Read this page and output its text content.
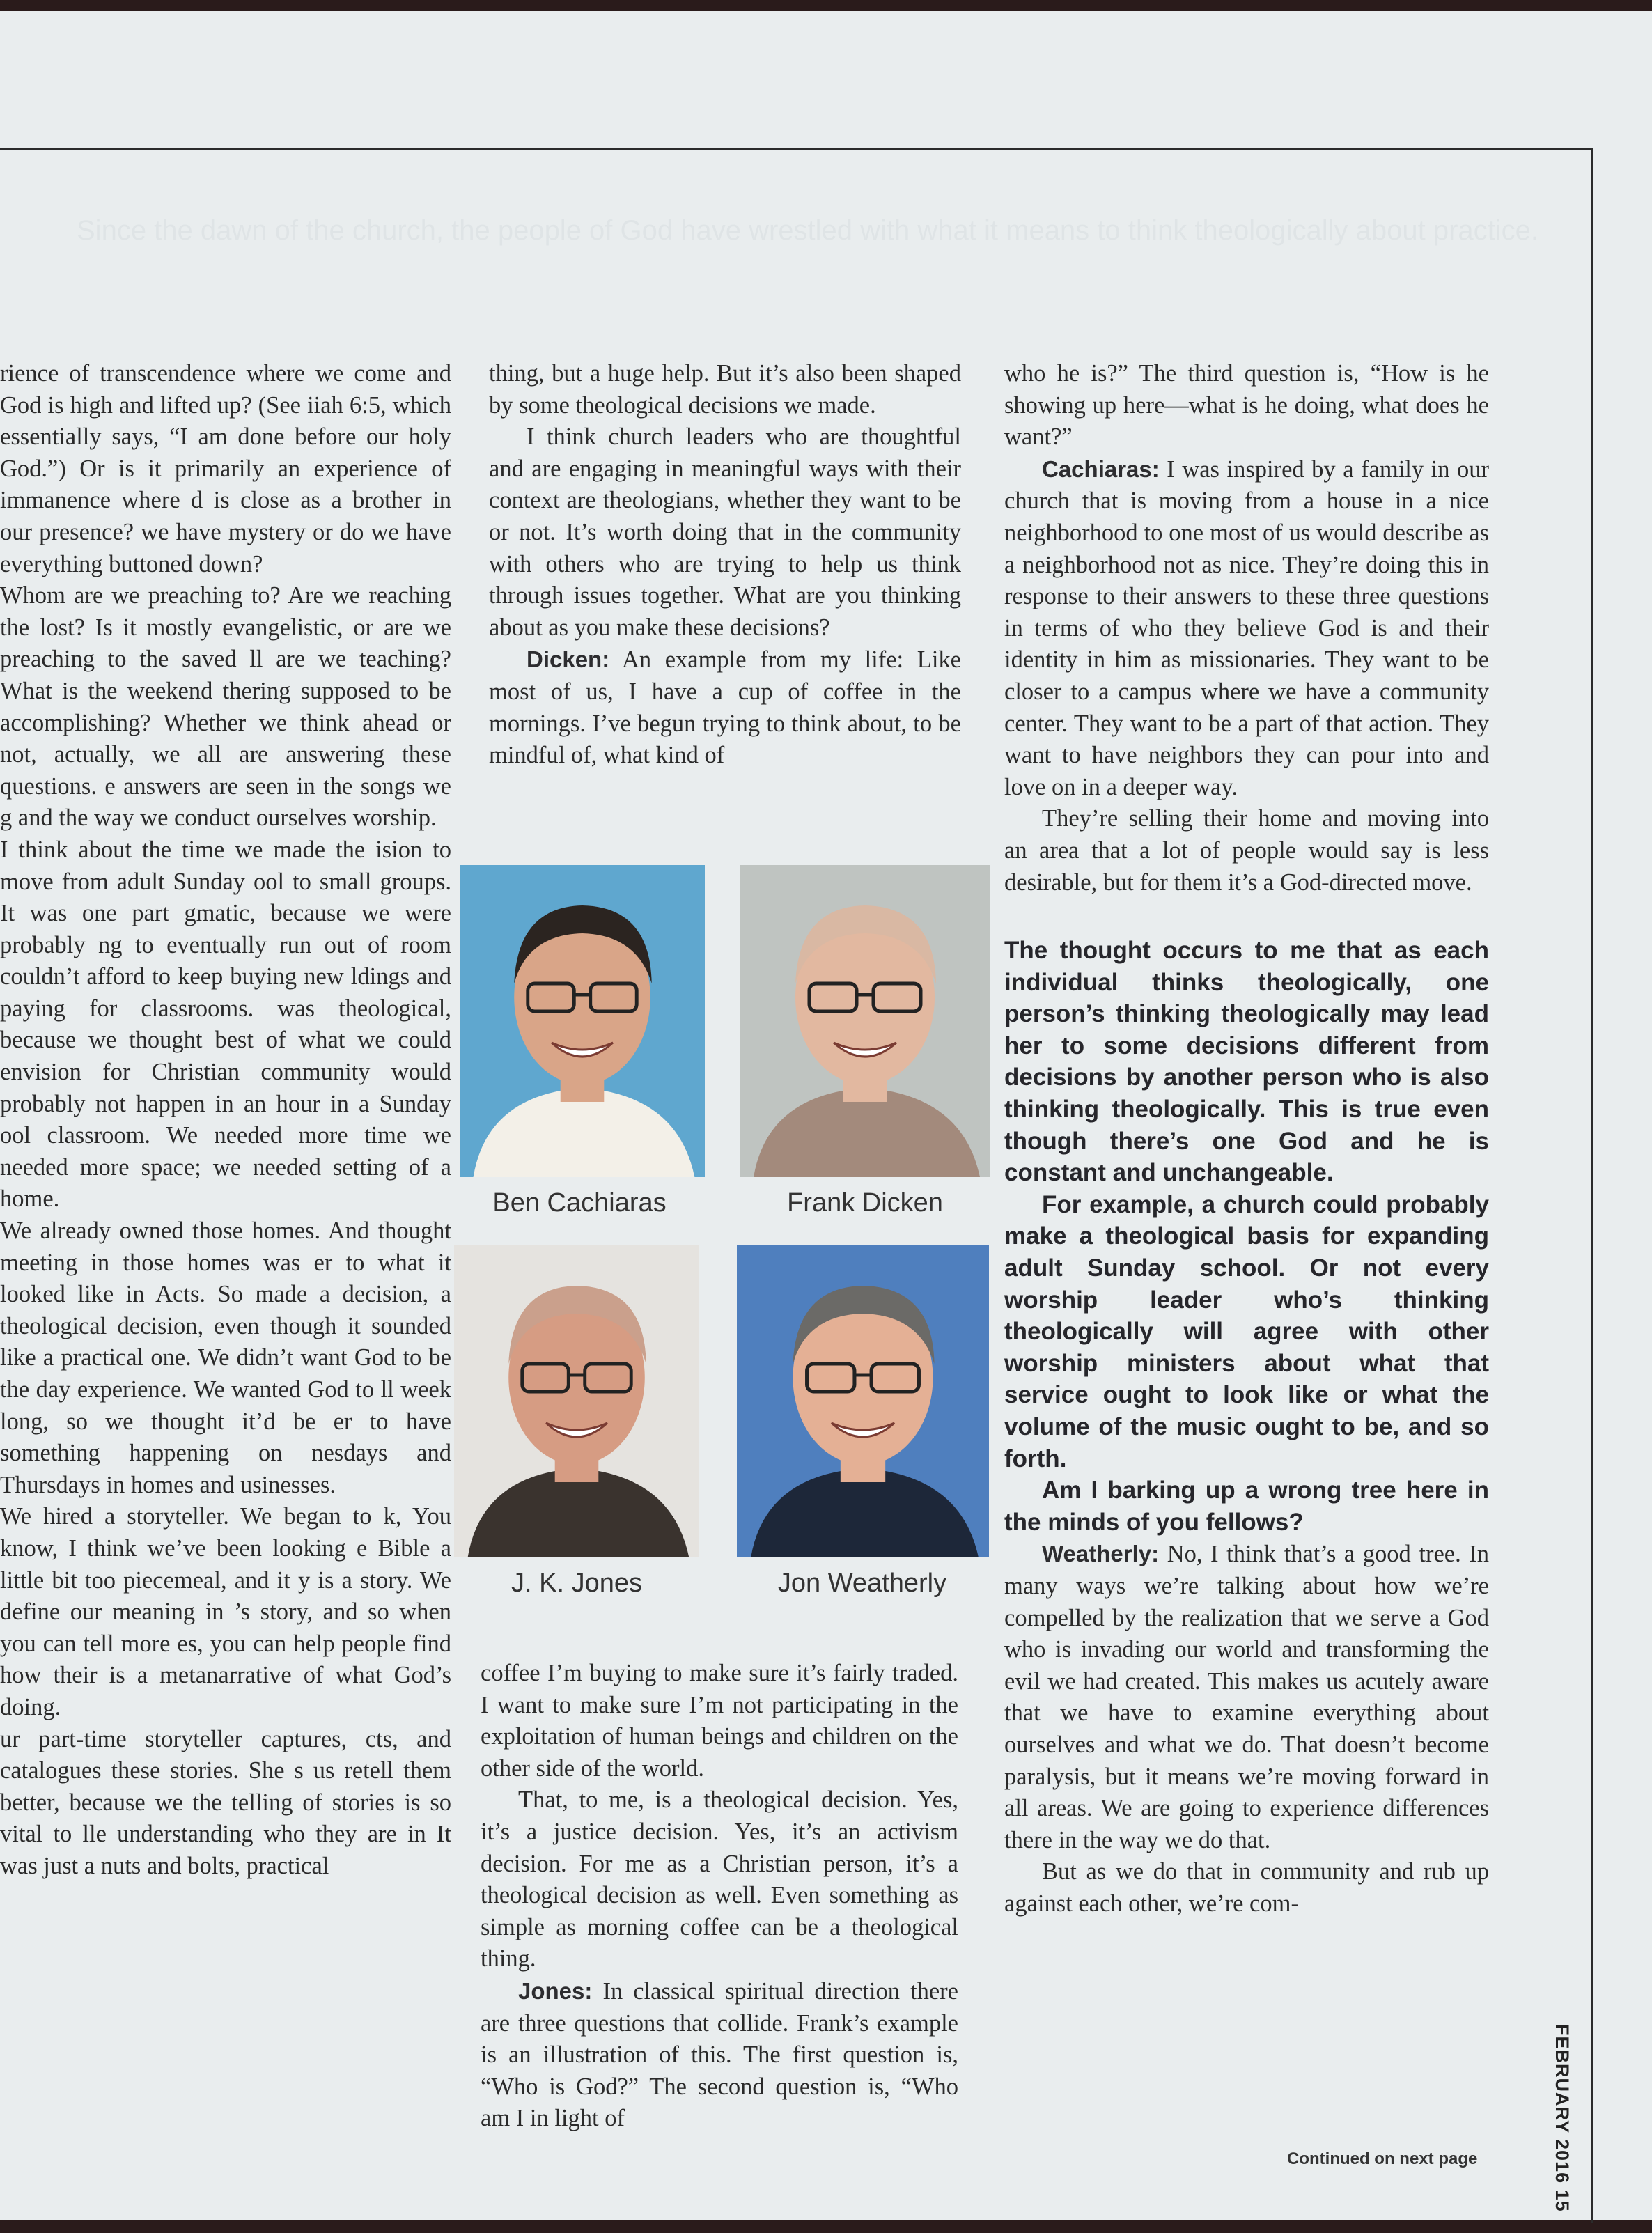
Since the dawn of the church, the people of God have wrestled with what it means to think theologically about practice.

rience of transcendence where we come and God is high and lifted up? (See iiah 6:5, which essentially says, “I am done before our holy God.”) Or is it primarily an experience of immanence where d is close as a brother in our presence? we have mystery or do we have everything buttoned down?

Whom are we preaching to? Are we reaching the lost? Is it mostly evangelistic, or are we preaching to the saved ll are we teaching? What is the weekend thering supposed to be accomplishing? Whether we think ahead or not, actually, we all are answering these questions. e answers are seen in the songs we g and the way we conduct ourselves worship.

I think about the time we made the ision to move from adult Sunday ool to small groups. It was one part gmatic, because we were probably ng to eventually run out of room couldn’t afford to keep buying new ldings and paying for classrooms. was theological, because we thought best of what we could envision for Christian community would probably not happen in an hour in a Sunday ool classroom. We needed more time we needed more space; we needed setting of a home.

We already owned those homes. And thought meeting in those homes was er to what it looked like in Acts. So made a decision, a theological decision, even though it sounded like a practical one. We didn’t want God to be the day experience. We wanted God to ll week long, so we thought it’d be er to have something happening on nesdays and Thursdays in homes and usinesses.

We hired a storyteller. We began to k, You know, I think we’ve been looking e Bible a little bit too piecemeal, and it y is a story. We define our meaning in ’s story, and so when you can tell more es, you can help people find how their is a metanarrative of what God’s doing.

ur part-time storyteller captures, cts, and catalogues these stories. She s us retell them better, because we the telling of stories is so vital to lle understanding who they are in It was just a nuts and bolts, practical

thing, but a huge help. But it’s also been shaped by some theological decisions we made.

I think church leaders who are thoughtful and are engaging in meaningful ways with their context are theologians, whether they want to be or not. It’s worth doing that in the community with others who are trying to help us think through issues together. What are you thinking about as you make these decisions?

Dicken: An example from my life: Like most of us, I have a cup of coffee in the mornings. I’ve begun trying to think about, to be mindful of, what kind of

coffee I’m buying to make sure it’s fairly traded. I want to make sure I’m not participating in the exploitation of human beings and children on the other side of the world.

That, to me, is a theological decision. Yes, it’s a justice decision. Yes, it’s an activism decision. For me as a Christian person, it’s a theological decision as well. Even something as simple as morning coffee can be a theological thing.

Jones: In classical spiritual direction there are three questions that collide. Frank’s example is an illustration of this. The first question is, “Who is God?” The second question is, “Who am I in light of

who he is?” The third question is, “How is he showing up here—what is he doing, what does he want?”

Cachiaras: I was inspired by a family in our church that is moving from a house in a nice neighborhood to one most of us would describe as a neighborhood not as nice. They’re doing this in response to their answers to these three questions in terms of who they believe God is and their identity in him as missionaries. They want to be closer to a campus where we have a community center. They want to be a part of that action. They want to have neighbors they can pour into and love on in a deeper way.

They’re selling their home and moving into an area that a lot of people would say is less desirable, but for them it’s a God-directed move.

The thought occurs to me that as each individual thinks theologically, one person’s thinking theologically may lead her to some decisions different from decisions by another person who is also thinking theologically. This is true even though there’s one God and he is constant and unchangeable.

For example, a church could probably make a theological basis for expanding adult Sunday school. Or not every worship leader who’s thinking theologically will agree with other worship ministers about what that service ought to look like or what the volume of the music ought to be, and so forth.

Am I barking up a wrong tree here in the minds of you fellows?

Weatherly: No, I think that’s a good tree. In many ways we’re talking about how we’re compelled by the realization that we serve a God who is invading our world and transforming the evil we had created. This makes us acutely aware that we have to examine everything about ourselves and what we do. That doesn’t become paralysis, but it means we’re moving forward in all areas. We are going to experience differences there in the way we do that.

But as we do that in community and rub up against each other, we’re com-

Ben Cachiaras	Frank Dicken
J. K. Jones	Jon Weatherly
Continued on next page	FEBRUARY 2016 15
